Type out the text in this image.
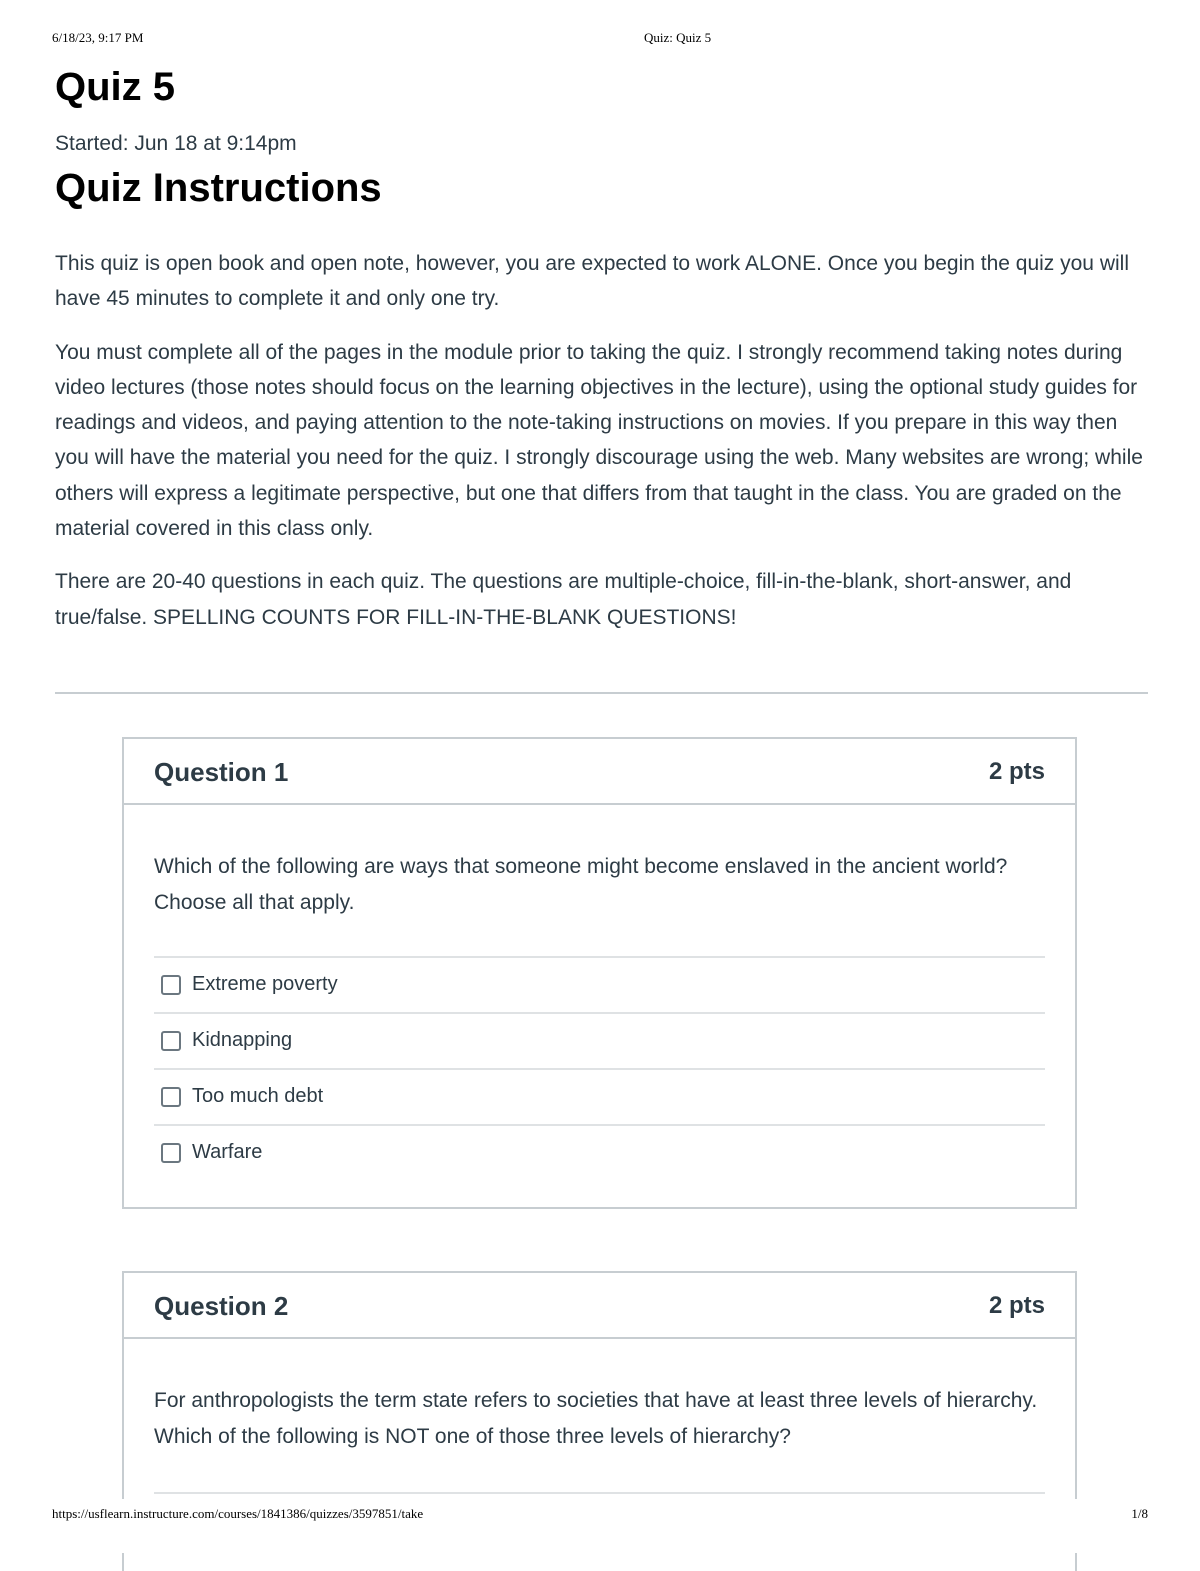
6/18/23, 9:17 PM	Quiz: Quiz 5
Quiz 5
Started: Jun 18 at 9:14pm
Quiz Instructions

This quiz is open book and open note, however, you are expected to work ALONE. Once you begin the quiz you will have 45 minutes to complete it and only one try.

You must complete all of the pages in the module prior to taking the quiz. I strongly recommend taking notes during video lectures (those notes should focus on the learning objectives in the lecture), using the optional study guides for readings and videos, and paying attention to the note-taking instructions on movies. If you prepare in this way then you will have the material you need for the quiz. I strongly discourage using the web. Many websites are wrong; while others will express a legitimate perspective, but one that differs from that taught in the class. You are graded on the material covered in this class only.

There are 20-40 questions in each quiz. The questions are multiple-choice, fill-in-the-blank, short-answer, and true/false. SPELLING COUNTS FOR FILL-IN-THE-BLANK QUESTIONS!

Question 1	2 pts

Which of the following are ways that someone might become enslaved in the ancient world? Choose all that apply.

Extreme poverty
Kidnapping
Too much debt
Warfare
Question 2	2 pts

For anthropologists the term state refers to societies that have at least three levels of hierarchy. Which of the following is NOT one of those three levels of hierarchy?

https://usflearn.instructure.com/courses/1841386/quizzes/3597851/take	1/8
